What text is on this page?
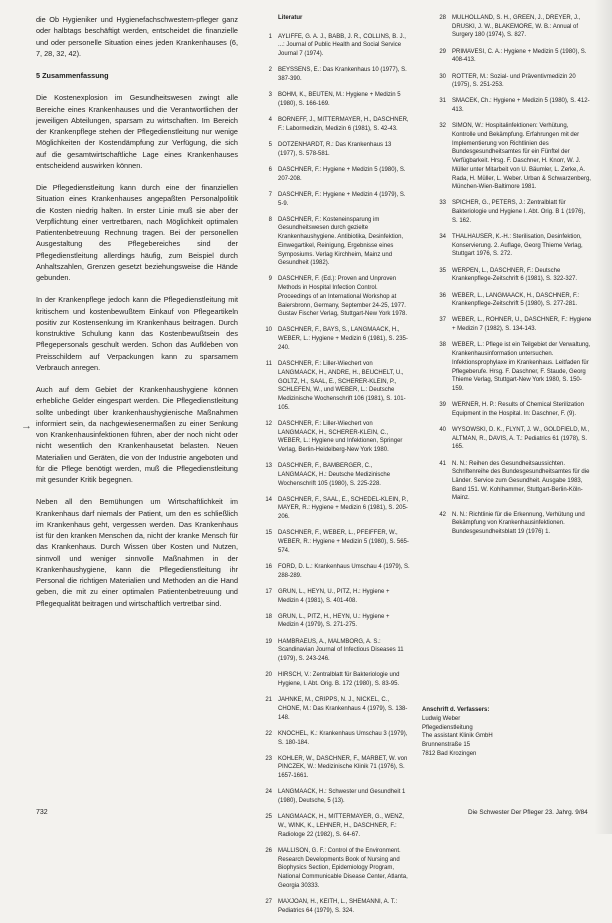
→

die Ob Hygieniker und Hygienefachschwestern-pfleger ganz oder halbtags beschäftigt werden, entscheidet die finanzielle und oder personelle Situation eines jeden Krankenhauses (6, 7, 28, 32, 42).

5 Zusammenfassung

Die Kostenexplosion im Gesundheitswesen zwingt alle Bereiche eines Krankenhauses und die Verantwortlichen der jeweiligen Abteilungen, sparsam zu wirtschaften. Im Bereich der Krankenpflege stehen der Pflegedienstleitung nur wenige Möglichkeiten der Kostendämpfung zur Verfügung, die sich auf die gesamtwirtschaftliche Lage eines Krankenhauses entscheidend auswirken können.

Die Pflegedienstleitung kann durch eine der finanziellen Situation eines Krankenhauses angepaßten Personalpolitik die Kosten niedrig halten. In erster Linie muß sie aber der Verpflichtung einer vertretbaren, nach Möglichkeit optimalen Patientenbetreuung Rechnung tragen. Bei der personellen Ausgestaltung des Pflegebereiches sind der Pflegedienstleitung allerdings häufig, zum Beispiel durch Anhaltszahlen, Grenzen gesetzt beziehungsweise die Hände gebunden.

In der Krankenpflege jedoch kann die Pflegedienstleitung mit kritischem und kostenbewußtem Einkauf von Pflegeartikeln positiv zur Kostensenkung im Krankenhaus beitragen. Durch konstruktive Schulung kann das Kostenbewußtsein des Pflegepersonals geschult werden. Schon das Aufkleben von Preisschildern auf Verpackungen kann zu sparsamem Verbrauch anregen.

Auch auf dem Gebiet der Krankenhaushygiene können erhebliche Gelder eingespart werden. Die Pflegedienstleitung sollte unbedingt über krankenhaushygienische Maßnahmen informiert sein, da nachgewiesenermaßen zu einer Senkung von Krankenhausinfektionen führen, aber der noch nicht oder nicht wesentlich den Krankenhausetat belasten. Neuen Materialien und Geräten, die von der Industrie angeboten und für die Pflege benötigt werden, muß die Pflegedienstleitung mit gesunder Kritik begegnen.

Neben all den Bemühungen um Wirtschaftlichkeit im Krankenhaus darf niemals der Patient, um den es schließlich im Krankenhaus geht, vergessen werden. Das Krankenhaus ist für den kranken Menschen da, nicht der kranke Mensch für das Krankenhaus. Durch Wissen über Kosten und Nutzen, sinnvoll und weniger sinnvolle Maßnahmen in der Krankenhaushygiene, kann die Pflegedienstleitung ihr Personal die richtigen Materialien und Methoden an die Hand geben, die mit zu einer optimalen Patientenbetreuung und Pflegequalität beitragen und wirtschaftlich vertretbar sind.

Literatur
1 AYLIFFE, G. A. J., BABB, J. R., COLLINS, B. J., ...: Journal of Public Health and Social Service Journal 7 (1974).
2 BEYSSENS, E.: Das Krankenhaus 10 (1977), S. 387-390.
3 BOHM, K., BEUTEN, M.: Hygiene + Medizin 5 (1980), S. 166-169.
4 BORNEFF, J., MITTERMAYER, H., DASCHNER, F.: Labormedizin, Medizin 6 (1981), S. 42-43.
5 DOTZENHARDT, R.: Das Krankenhaus 13 (1977), S. 578-581.
6 DASCHNER, F.: Hygiene + Medizin 5 (1980), S. 207-208.
7 DASCHNER, F.: Hygiene + Medizin 4 (1979), S. 5-9.
8 DASCHNER, F.: Kosteneinsparung im Gesundheitswesen durch gezielte Krankenhaushygiene. Antibiotika, Desinfektion, Einwegartikel, Reinigung, Ergebnisse eines Symposiums. Verlag Kirchheim, Mainz und Gesundheit (1982).
9 DASCHNER, F. (Ed.): Proven and Unproven Methods in Hospital Infection Control. Proceedings of an International Workshop at Baiersbronn, Germany, September 24-25, 1977. Gustav Fischer Verlag, Stuttgart-New York 1978.
10 DASCHNER, F., BAYS, S., LANGMAACK, H., WEBER, L.: Hygiene + Medizin 6 (1981), S. 235-240.
11 DASCHNER, F.: Liller-Wiechert von LANGMAACK, H., ANDRE, H., BEUCHELT, U., GOLTZ, H., SAAL, E., SCHERER-KLEIN, P., SCHLEFEN, W., und WEBER, L.: Deutsche Medizinische Wochenschrift 106 (1981), S. 101-105.
12 DASCHNER, F.: Liller-Wiechert von LANGMAACK, H., SCHERER-KLEIN, C., WEBER, L.: Hygiene und Infektionen, Springer Verlag, Berlin-Heidelberg-New York 1980.
13 DASCHNER, F., BAMBERGER, C., LANGMAACK, H.: Deutsche Medizinische Wochenschrift 105 (1980), S. 225-228.
14 DASCHNER, F., SAAL, E., SCHEDEL-KLEIN, P., MAYER, R.: Hygiene + Medizin 6 (1981), S. 205-206.
15 DASCHNER, F., WEBER, L., PFEIFFER, W., WEBER, R.: Hygiene + Medizin 5 (1980), S. 565-574.
16 FORD, D. L.: Krankenhaus Umschau 4 (1979), S. 288-289.
17 GRUN, L., HEYN, U., PITZ, H.: Hygiene + Medizin 4 (1981), S. 401-408.
18 GRUN, L., PITZ, H., HEYN, U.: Hygiene + Medizin 4 (1979), S. 271-275.
19 HAMBRAEUS, A., MALMBORG, A. S.: Scandinavian Journal of Infectious Diseases 11 (1979), S. 243-246.
20 HIRSCH, V.: Zentralblatt für Bakteriologie und Hygiene, I. Abt. Orig. B. 172 (1980), S. 83-95.
21 JAHNKE, M., CRIPPS, N. J., NICKEL, C., CHONE, M.: Das Krankenhaus 4 (1979), S. 138-148.
22 KNOCHEL, K.: Krankenhaus Umschau 3 (1979), S. 180-184.
23 KOHLER, W., DASCHNER, F., MARBET, W. von PINCZEK, W.: Medizinische Klinik 71 (1976), S. 1657-1661.
24 LANGMAACK, H.: Schwester und Gesundheit 1 (1980), Deutsche, 5 (13).
25 LANGMAACK, H., MITTERMAYER, G., WENZ, W., WINK, K., LEHNER, H., DASCHNER, F.: Radiologe 22 (1982), S. 64-67.
26 MALLISON, G. F.: Control of the Environment. Research Developments Book of Nursing and Biophysics Section, Epidemiology Program, National Communicable Disease Center, Atlanta, Georgia 30333.
27 MAXJOAN, H., KEITH, L., SHEMANNI, A. T.: Pediatrics 64 (1979), S. 324.
28 MULHOLLAND, S. H., GREEN, J., DREYER, J., DRUSKI, J. W., BLAKEMORE, W. B.: Annual of Surgery 180 (1974), S. 827.
29 PRIMAVESI, C. A.: Hygiene + Medizin 5 (1980), S. 408-413.
30 ROTTER, M.: Sozial- und Präventivmedizin 20 (1975), S. 251-253.
31 SMACEK, Ch.: Hygiene + Medizin 5 (1980), S. 412-413.
32 SIMON, W.: Hospitalinfektionen: Verhütung, Kontrolle und Bekämpfung. Erfahrungen mit der Implementierung von Richtlinien des Bundesgesundheitsamtes für ein Fünftel der Verfügbarkeit. Hrsg. F. Daschner, H. Knorr, W. J. Müller unter Mitarbeit von U. Bäumler, L. Zerke, A. Rada, H. Müller, L. Weber. Urban & Schwarzenberg, München-Wien-Baltimore 1981.
33 SPICHER, G., PETERS, J.: Zentralblatt für Bakteriologie und Hygiene I. Abt. Orig. B 1 (1976), S. 162.
34 THALHAUSER, K.-H.: Sterilisation, Desinfektion, Konservierung. 2. Auflage, Georg Thieme Verlag, Stuttgart 1976, S. 272.
35 WERPEN, L., DASCHNER, F.: Deutsche Krankenpflege-Zeitschrift 6 (1981), S. 322-327.
36 WEBER, L., LANGMAACK, H., DASCHNER, F.: Krankenpflege-Zeitschrift 5 (1980), S. 277-281.
37 WEBER, L., ROHNER, U., DASCHNER, F.: Hygiene + Medizin 7 (1982), S. 134-143.
38 WEBER, L.: Pflege ist ein Teilgebiet der Verwaltung, Krankenhausinformation untersuchen. Infektionsprophylaxe im Krankenhaus. Leitfaden für Pflegeberufe. Hrsg. F. Daschner, F. Staude, Georg Thieme Verlag, Stuttgart-New York 1980, S. 150-159.
39 WERNER, H. P.: Results of Chemical Sterilization Equipment in the Hospital. In: Daschner, F. (9).
40 WYSOWSKI, D. K., FLYNT, J. W., GOLDFIELD, M., ALTMAN, R., DAVIS, A. T.: Pediatrics 61 (1978), S. 165.
41 N. N.: Reihen des Gesundheitsaussichten. Schriftenreihe des Bundesgesundheitsamtes für die Länder. Service zum Gesundheit. Ausgabe 1983, Band 151. W. Kohlhammer, Stuttgart-Berlin-Köln-Mainz.
42 N. N.: Richtlinie für die Erkennung, Verhütung und Bekämpfung von Krankenhausinfektionen. Bundesgesundheitsblatt 19 (1976) 1.
Anschrift d. Verfassers:
Ludwig Weber
Pflegedienstleitung
The assistant Klinik GmbH
Brunnenstraße 15
7812 Bad Krozingen
732	Die Schwester Der Pfleger 23. Jahrg. 9/84
